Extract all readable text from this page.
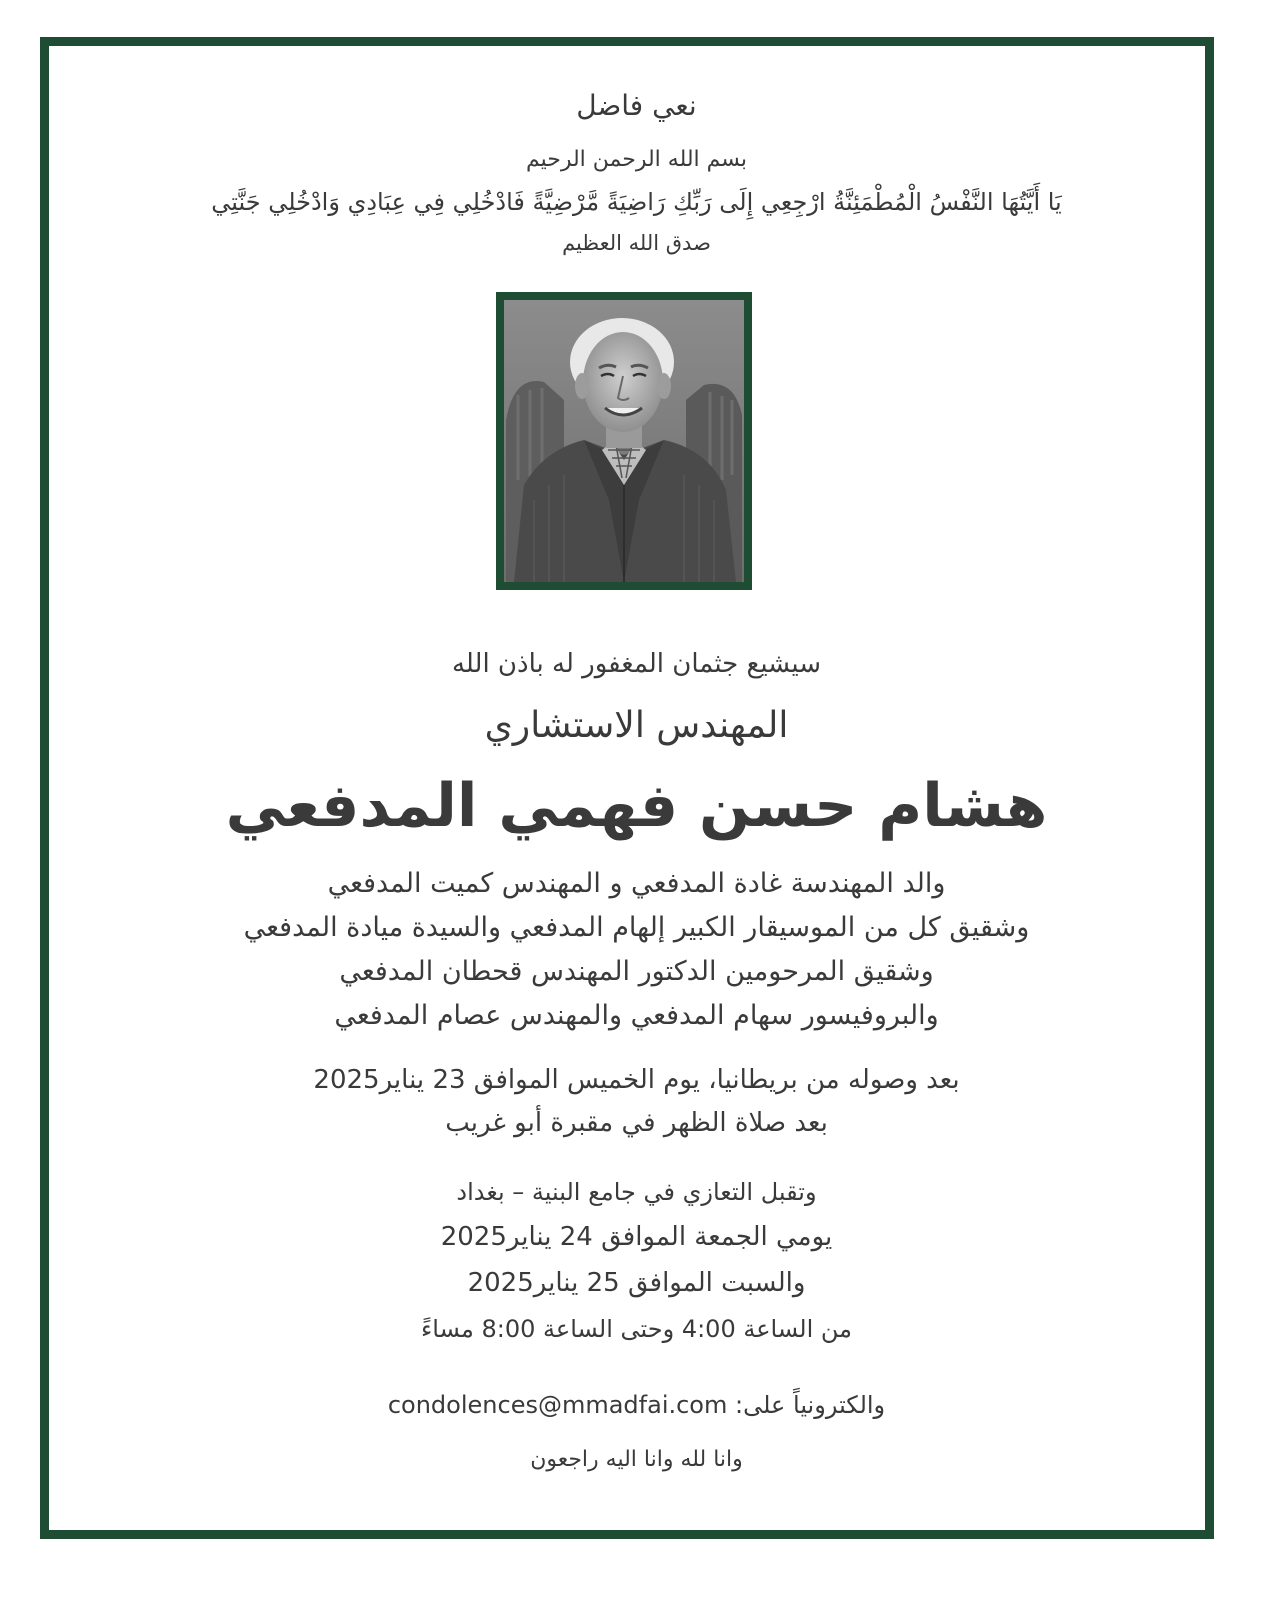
نعي فاضل
بسم الله الرحمن الرحيم
يَا أَيَّتُهَا النَّفْسُ الْمُطْمَئِنَّةُ ارْجِعِي إِلَى رَبِّكِ رَاضِيَةً مَّرْضِيَّةً فَادْخُلِي فِي عِبَادِي وَادْخُلِي جَنَّتِي
صدق الله العظيم
سيشيع جثمان المغفور له باذن الله
المهندس الاستشاري
هشام حسن فهمي المدفعي
والد المهندسة غادة المدفعي و المهندس كميت المدفعي
وشقيق كل من الموسيقار الكبير إلهام المدفعي والسيدة ميادة المدفعي
وشقيق المرحومين الدكتور المهندس قحطان المدفعي
والبروفيسور سهام المدفعي والمهندس عصام المدفعي
بعد وصوله من بريطانيا، يوم الخميس الموافق 23 يناير2025
بعد صلاة الظهر في مقبرة أبو غريب
وتقبل التعازي في جامع البنية – بغداد
يومي الجمعة الموافق 24 يناير2025
والسبت الموافق 25 يناير2025
من الساعة 4:00 وحتى الساعة 8:00 مساءً
والكترونياً على: condolences@mmadfai.com
وانا لله وانا اليه راجعون
